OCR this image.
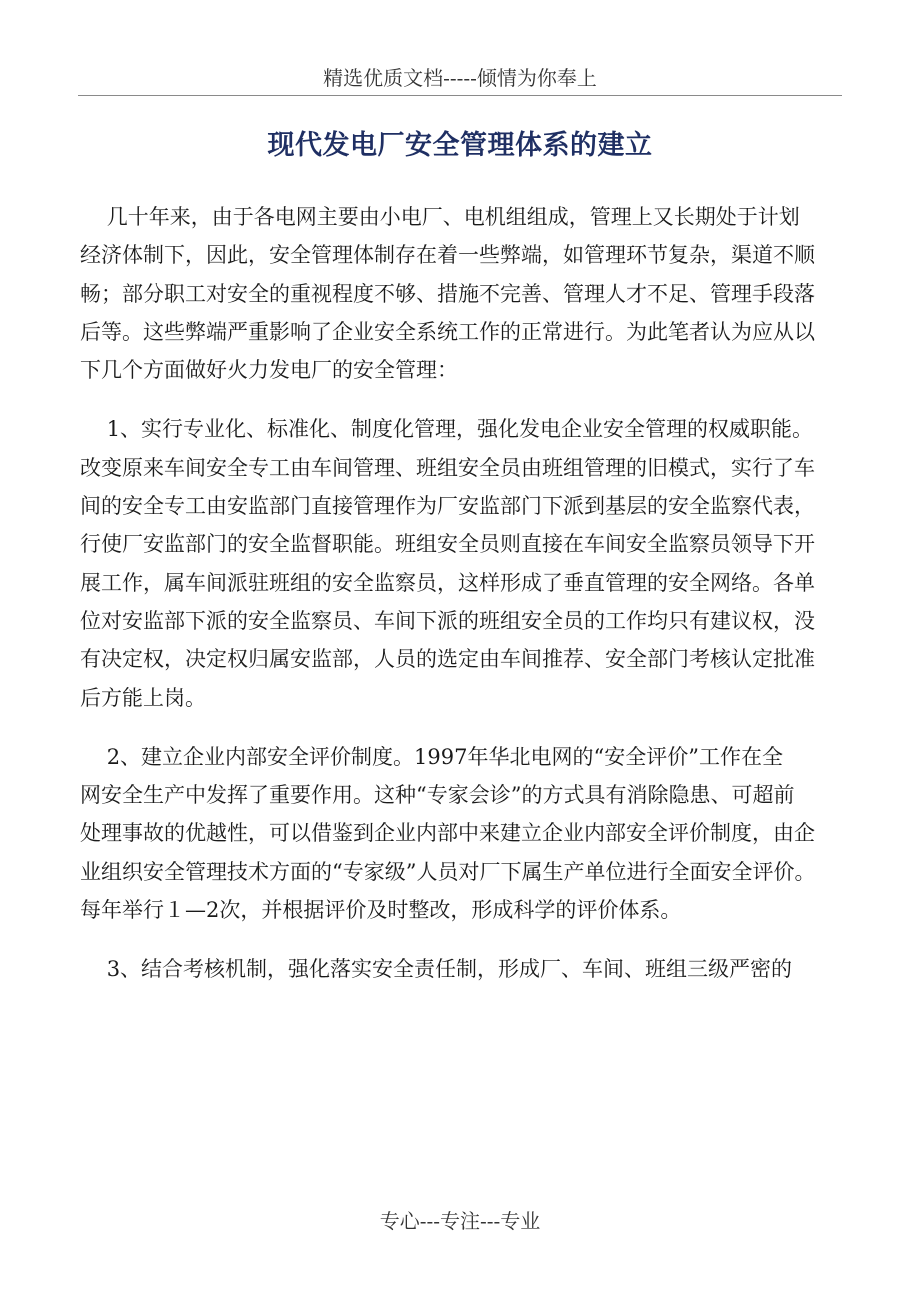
精选优质文档-----倾情为你奉上
现代发电厂安全管理体系的建立
几十年来，由于各电网主要由小电厂、电机组组成，管理上又长期处于计划
经济体制下，因此，安全管理体制存在着一些弊端，如管理环节复杂，渠道不顺
畅；部分职工对安全的重视程度不够、措施不完善、管理人才不足、管理手段落
后等。这些弊端严重影响了企业安全系统工作的正常进行。为此笔者认为应从以
下几个方面做好火力发电厂的安全管理：
1、实行专业化、标准化、制度化管理，强化发电企业安全管理的权威职能。
改变原来车间安全专工由车间管理、班组安全员由班组管理的旧模式，实行了车
间的安全专工由安监部门直接管理作为厂安监部门下派到基层的安全监察代表，
行使厂安监部门的安全监督职能。班组安全员则直接在车间安全监察员领导下开
展工作，属车间派驻班组的安全监察员，这样形成了垂直管理的安全网络。各单
位对安监部下派的安全监察员、车间下派的班组安全员的工作均只有建议权，没
有决定权，决定权归属安监部，人员的选定由车间推荐、安全部门考核认定批准
后方能上岗。
2、建立企业内部安全评价制度。1997年华北电网的“安全评价”工作在全
网安全生产中发挥了重要作用。这种“专家会诊”的方式具有消除隐患、可超前
处理事故的优越性，可以借鉴到企业内部中来建立企业内部安全评价制度，由企
业组织安全管理技术方面的“专家级”人员对厂下属生产单位进行全面安全评价。
每年举行１—2次，并根据评价及时整改，形成科学的评价体系。
3、结合考核机制，强化落实安全责任制，形成厂、车间、班组三级严密的
专心---专注---专业
